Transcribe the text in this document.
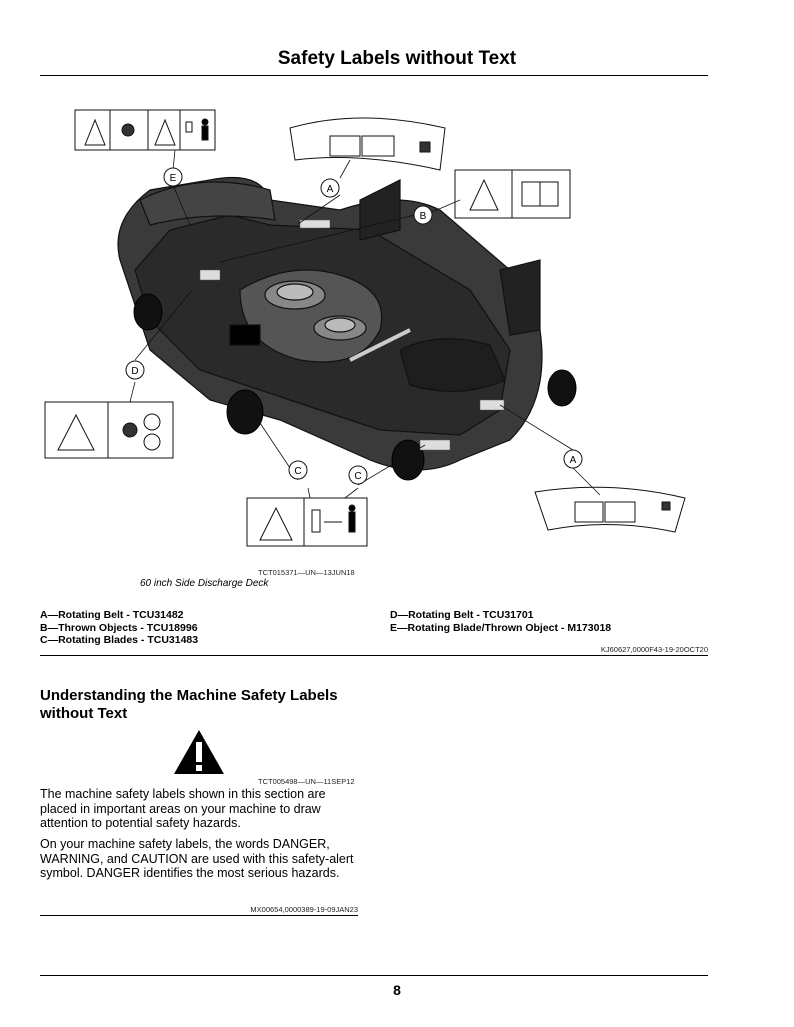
Safety Labels without Text
E
A
B
D
C	C
A
TCT015371—UN—13JUN18
60 inch Side Discharge Deck
A—Rotating Belt - TCU31482
B—Thrown Objects - TCU18996
C—Rotating Blades - TCU31483
D—Rotating Belt - TCU31701
E—Rotating Blade/Thrown Object - M173018
KJ60627,0000F43-19-20OCT20
Understanding the Machine Safety Labels without Text
TCT005498—UN—11SEP12
The machine safety labels shown in this section are placed in important areas on your machine to draw attention to potential safety hazards.
On your machine safety labels, the words DANGER, WARNING, and CAUTION are used with this safety-alert symbol. DANGER identifies the most serious hazards.
MX00654,0000389-19-09JAN23
8
